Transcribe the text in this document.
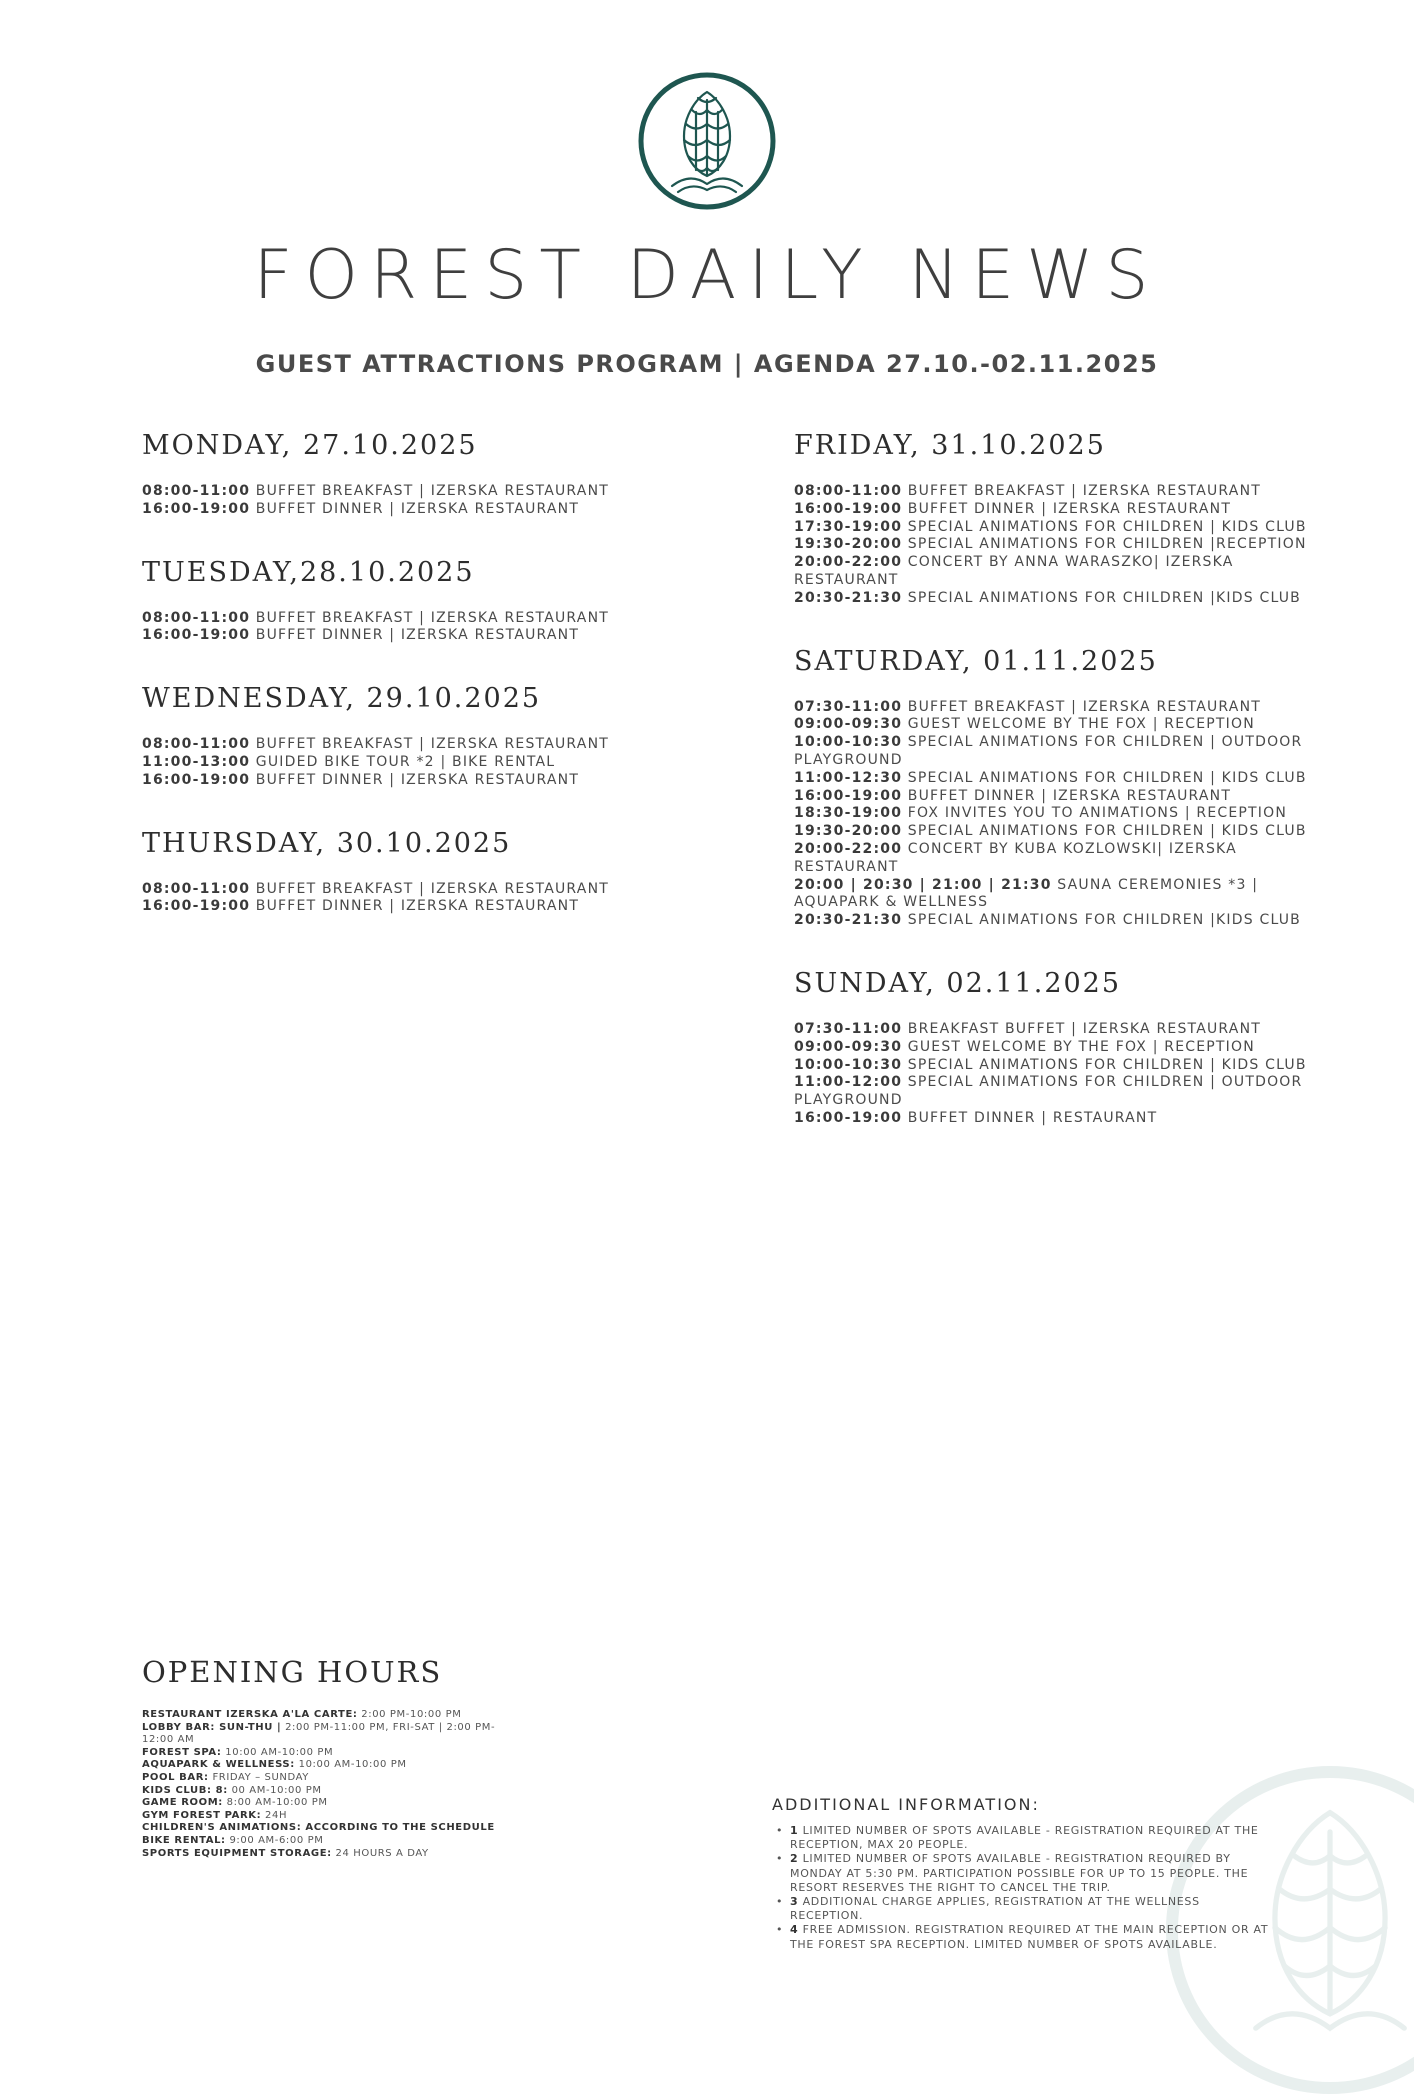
FOREST DAILY NEWS
GUEST ATTRACTIONS PROGRAM | AGENDA 27.10.-02.11.2025
MONDAY, 27.10.2025
08:00-11:00 BUFFET BREAKFAST | IZERSKA RESTAURANT
16:00-19:00 BUFFET DINNER | IZERSKA RESTAURANT
TUESDAY,28.10.2025
08:00-11:00 BUFFET BREAKFAST | IZERSKA RESTAURANT
16:00-19:00 BUFFET DINNER | IZERSKA RESTAURANT
WEDNESDAY, 29.10.2025
08:00-11:00 BUFFET BREAKFAST | IZERSKA RESTAURANT
11:00-13:00 GUIDED BIKE TOUR *2 | BIKE RENTAL
16:00-19:00 BUFFET DINNER | IZERSKA RESTAURANT
THURSDAY, 30.10.2025
08:00-11:00 BUFFET BREAKFAST | IZERSKA RESTAURANT
16:00-19:00 BUFFET DINNER | IZERSKA RESTAURANT
FRIDAY, 31.10.2025
08:00-11:00 BUFFET BREAKFAST | IZERSKA RESTAURANT
16:00-19:00 BUFFET DINNER | IZERSKA RESTAURANT
17:30-19:00 SPECIAL ANIMATIONS FOR CHILDREN | KIDS CLUB
19:30-20:00 SPECIAL ANIMATIONS FOR CHILDREN |RECEPTION
20:00-22:00 CONCERT BY ANNA WARASZKO| IZERSKA RESTAURANT
20:30-21:30 SPECIAL ANIMATIONS FOR CHILDREN |KIDS CLUB
SATURDAY, 01.11.2025
07:30-11:00 BUFFET BREAKFAST | IZERSKA RESTAURANT
09:00-09:30 GUEST WELCOME BY THE FOX | RECEPTION
10:00-10:30 SPECIAL ANIMATIONS FOR CHILDREN | OUTDOOR PLAYGROUND
11:00-12:30 SPECIAL ANIMATIONS FOR CHILDREN | KIDS CLUB
16:00-19:00 BUFFET DINNER | IZERSKA RESTAURANT
18:30-19:00 FOX INVITES YOU TO ANIMATIONS | RECEPTION
19:30-20:00 SPECIAL ANIMATIONS FOR CHILDREN | KIDS CLUB
20:00-22:00 CONCERT BY KUBA KOZLOWSKI| IZERSKA RESTAURANT
20:00 | 20:30 | 21:00 | 21:30 SAUNA CEREMONIES *3 | AQUAPARK & WELLNESS
20:30-21:30 SPECIAL ANIMATIONS FOR CHILDREN |KIDS CLUB
SUNDAY, 02.11.2025
07:30-11:00 BREAKFAST BUFFET | IZERSKA RESTAURANT
09:00-09:30 GUEST WELCOME BY THE FOX | RECEPTION
10:00-10:30 SPECIAL ANIMATIONS FOR CHILDREN | KIDS CLUB
11:00-12:00 SPECIAL ANIMATIONS FOR CHILDREN | OUTDOOR PLAYGROUND
16:00-19:00 BUFFET DINNER | RESTAURANT
OPENING HOURS
RESTAURANT IZERSKA A'LA CARTE: 2:00 PM-10:00 PM
LOBBY BAR: SUN-THU | 2:00 PM-11:00 PM, FRI-SAT | 2:00 PM-12:00 AM
FOREST SPA: 10:00 AM-10:00 PM
AQUAPARK & WELLNESS: 10:00 AM-10:00 PM
POOL BAR: FRIDAY – SUNDAY
KIDS CLUB: 8: 00 AM-10:00 PM
GAME ROOM: 8:00 AM-10:00 PM
GYM FOREST PARK: 24H
CHILDREN'S ANIMATIONS: ACCORDING TO THE SCHEDULE
BIKE RENTAL: 9:00 AM-6:00 PM
SPORTS EQUIPMENT STORAGE: 24 HOURS A DAY
ADDITIONAL INFORMATION:
• 1 LIMITED NUMBER OF SPOTS AVAILABLE - REGISTRATION REQUIRED AT THE RECEPTION, MAX 20 PEOPLE.
• 2 LIMITED NUMBER OF SPOTS AVAILABLE - REGISTRATION REQUIRED BY MONDAY AT 5:30 PM. PARTICIPATION POSSIBLE FOR UP TO 15 PEOPLE. THE RESORT RESERVES THE RIGHT TO CANCEL THE TRIP.
• 3 ADDITIONAL CHARGE APPLIES, REGISTRATION AT THE WELLNESS RECEPTION.
• 4 FREE ADMISSION. REGISTRATION REQUIRED AT THE MAIN RECEPTION OR AT THE FOREST SPA RECEPTION. LIMITED NUMBER OF SPOTS AVAILABLE.
